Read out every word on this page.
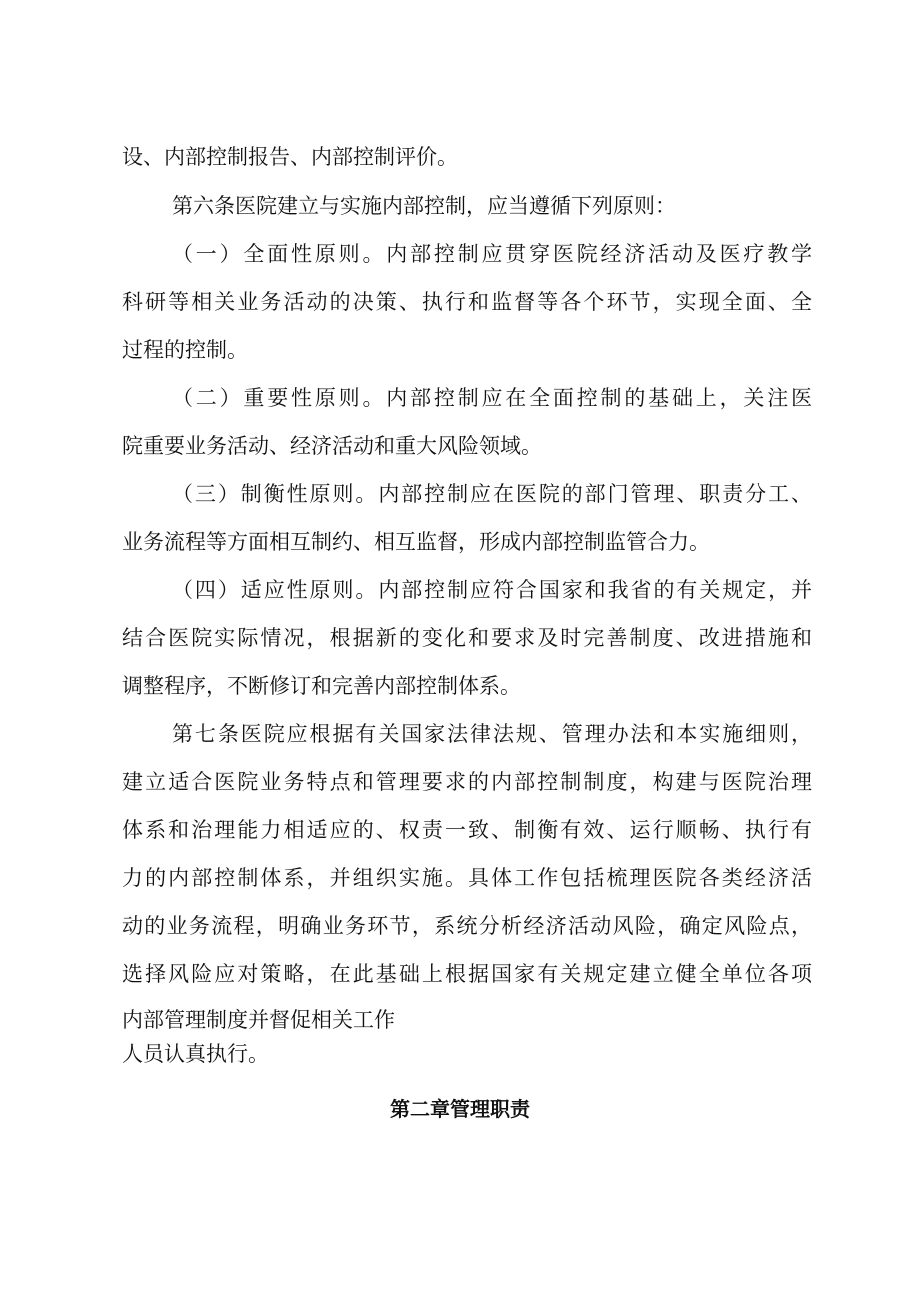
设、内部控制报告、内部控制评价。
第六条医院建立与实施内部控制，应当遵循下列原则：
（一）全面性原则。内部控制应贯穿医院经济活动及医疗教学
科研等相关业务活动的决策、执行和监督等各个环节，实现全面、全
过程的控制。
（二）重要性原则。内部控制应在全面控制的基础上，关注医
院重要业务活动、经济活动和重大风险领域。
（三）制衡性原则。内部控制应在医院的部门管理、职责分工、
业务流程等方面相互制约、相互监督，形成内部控制监管合力。
（四）适应性原则。内部控制应符合国家和我省的有关规定，并
结合医院实际情况，根据新的变化和要求及时完善制度、改进措施和
调整程序，不断修订和完善内部控制体系。
第七条医院应根据有关国家法律法规、管理办法和本实施细则，
建立适合医院业务特点和管理要求的内部控制制度，构建与医院治理
体系和治理能力相适应的、权责一致、制衡有效、运行顺畅、执行有
力的内部控制体系，并组织实施。具体工作包括梳理医院各类经济活
动的业务流程，明确业务环节，系统分析经济活动风险，确定风险点，
选择风险应对策略，在此基础上根据国家有关规定建立健全单位各项
内部管理制度并督促相关工作
人员认真执行。
第二章管理职责
